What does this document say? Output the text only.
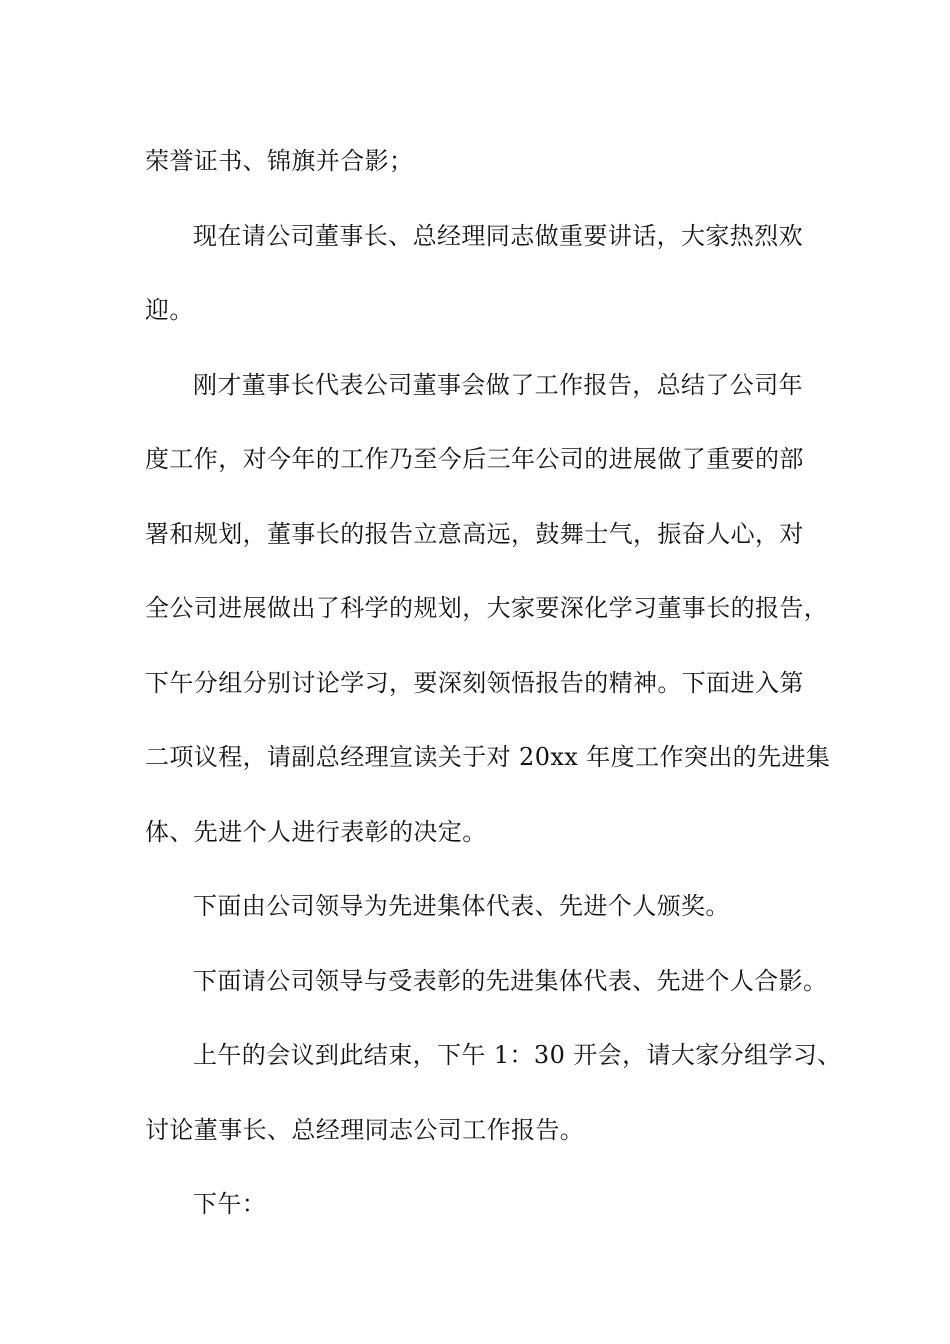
荣誉证书、锦旗并合影；

现在请公司董事长、总经理同志做重要讲话，大家热烈欢

迎。

刚才董事长代表公司董事会做了工作报告，总结了公司年

度工作，对今年的工作乃至今后三年公司的进展做了重要的部

署和规划，董事长的报告立意高远，鼓舞士气，振奋人心，对

全公司进展做出了科学的规划，大家要深化学习董事长的报告，

下午分组分别讨论学习，要深刻领悟报告的精神。下面进入第

二项议程，请副总经理宣读关于对 20xx 年度工作突出的先进集

体、先进个人进行表彰的决定。

下面由公司领导为先进集体代表、先进个人颁奖。

下面请公司领导与受表彰的先进集体代表、先进个人合影。

上午的会议到此结束，下午 1：30 开会，请大家分组学习、

讨论董事长、总经理同志公司工作报告。

下午：
